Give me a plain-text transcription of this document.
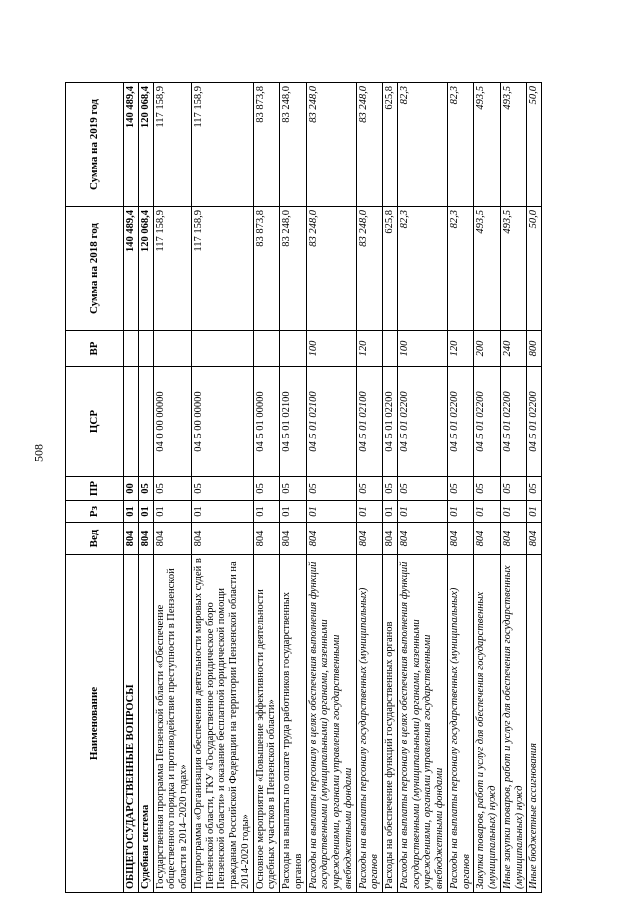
508
Наименование	Вед	Рз	ПР	ЦСР	ВР	Сумма на 2018 год	Сумма на 2019 год
ОБЩЕГОСУДАРСТВЕННЫЕ ВОПРОСЫ	804	01	00			140 489,4	140 489,4
Судебная система	804	01	05			120 068,4	120 068,4
Государственная программа Пензенской области «Обеспечение общественного порядка и противодействие преступности в Пензенской области в 2014–2020 годах»	804	01	05	04 0 00 00000		117 158,9	117 158,9
Подпрограмма «Организация обеспечения деятельности мировых судей в Пензенской области, ГКУ «Государственное юридическое бюро Пензенской области» и оказание бесплатной юридической помощи гражданам Российской Федерации на территории Пензенской области на 2014-2020 годы»	804	01	05	04 5 00 00000		117 158,9	117 158,9
Основное мероприятие «Повышение эффективности деятельности судебных участков в Пензенской области»	804	01	05	04 5 01 00000		83 873,8	83 873,8
Расходы на выплаты по оплате труда работников государственных органов	804	01	05	04 5 01 02100		83 248,0	83 248,0
Расходы на выплаты персоналу в целях обеспечения выполнения функций государственными (муниципальными) органами, казенными учреждениями, органами управления государственными внебюджетными фондами	804	01	05	04 5 01 02100	100	83 248,0	83 248,0
Расходы на выплаты персоналу государственных (муниципальных) органов	804	01	05	04 5 01 02100	120	83 248,0	83 248,0
Расходы на обеспечение функций государственных органов	804	01	05	04 5 01 02200		625,8	625,8
Расходы на выплаты персоналу в целях обеспечения выполнения функций государственными (муниципальными) органами, казенными учреждениями, органами управления государственными внебюджетными фондами	804	01	05	04 5 01 02200	100	82,3	82,3
Расходы на выплаты персоналу государственных (муниципальных) органов	804	01	05	04 5 01 02200	120	82,3	82,3
Закупка товаров, работ и услуг для обеспечения государственных (муниципальных) нужд	804	01	05	04 5 01 02200	200	493,5	493,5
Иные закупки товаров, работ и услуг для обеспечения государственных (муниципальных) нужд	804	01	05	04 5 01 02200	240	493,5	493,5
Иные бюджетные ассигнования	804	01	05	04 5 01 02200	800	50,0	50,0
